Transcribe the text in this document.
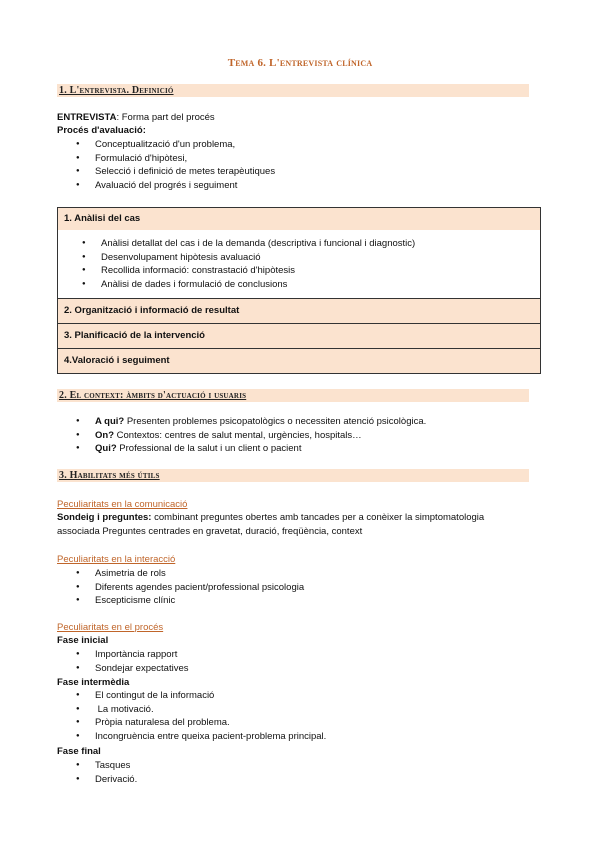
Tema 6. L'entrevista clínica
1. L'entrevista. Definició
ENTREVISTA: Forma part del procés
Procés d'avaluació:
● Conceptualització d'un problema,
● Formulació d'hipòtesi,
● Selecció i definició de metes terapèutiques
● Avaluació del progrés i seguiment
1. Anàlisi del cas
● Anàlisi detallat del cas i de la demanda (descriptiva i funcional i diagnostic)
● Desenvolupament hipòtesis avaluació
● Recollida informació: constrastació d'hipòtesis
● Anàlisi de dades i formulació de conclusions
2. Organització i informació de resultat
3. Planificació de la intervenció
4.Valoració i seguiment
2. El context: àmbits d'actuació i usuaris
● A qui? Presenten problemes psicopatològics o necessiten atenció psicològica.
● On? Contextos: centres de salut mental, urgències, hospitals…
● Qui? Professional de la salut i un client o pacient
3. Habilitats més útils
Peculiaritats en la comunicació
Sondeig i preguntes: combinant preguntes obertes amb tancades per a conèixer la simptomatologia
associada Preguntes centrades en gravetat, duració, freqüència, context
Peculiaritats en la interacció
● Asimetria de rols
● Diferents agendes pacient/professional psicologia
● Escepticisme clínic
Peculiaritats en el procés
Fase inicial
● Importància rapport
● Sondejar expectatives
Fase intermèdia
● El contingut de la informació
●  La motivació.
● Pròpia naturalesa del problema.
● Incongruència entre queixa pacient-problema principal.
Fase final
● Tasques
● Derivació.
